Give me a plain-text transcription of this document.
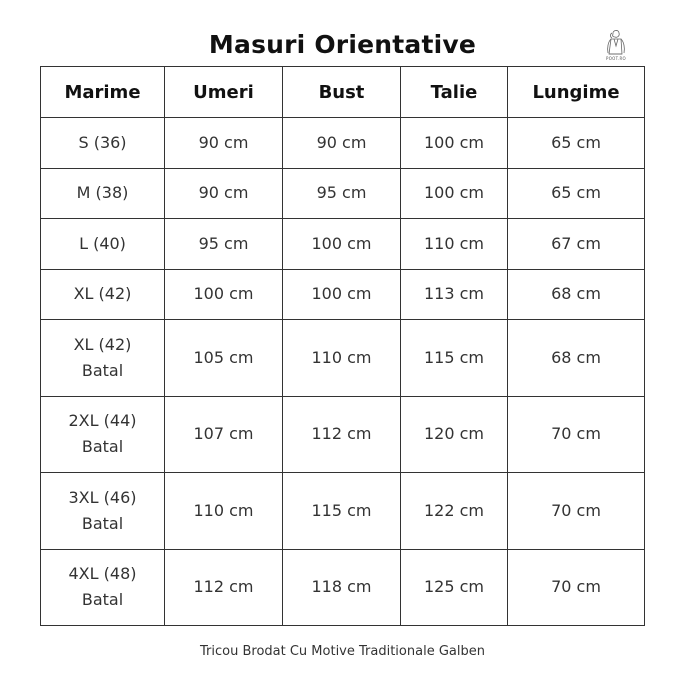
Masuri Orientative	POOT.RO
Marime	Umeri	Bust	Talie	Lungime

S (36)	90 cm	90 cm	100 cm	65 cm

M (38)	90 cm	95 cm	100 cm	65 cm

L (40)	95 cm	100 cm	110 cm	67 cm

XL (42)	100 cm	100 cm	113 cm	68 cm

XL (42)
Batal	105 cm	110 cm	115 cm	68 cm

2XL (44)
Batal	107 cm	112 cm	120 cm	70 cm

3XL (46)
Batal	110 cm	115 cm	122 cm	70 cm

4XL (48)
Batal	112 cm	118 cm	125 cm	70 cm
Tricou Brodat Cu Motive Traditionale Galben
